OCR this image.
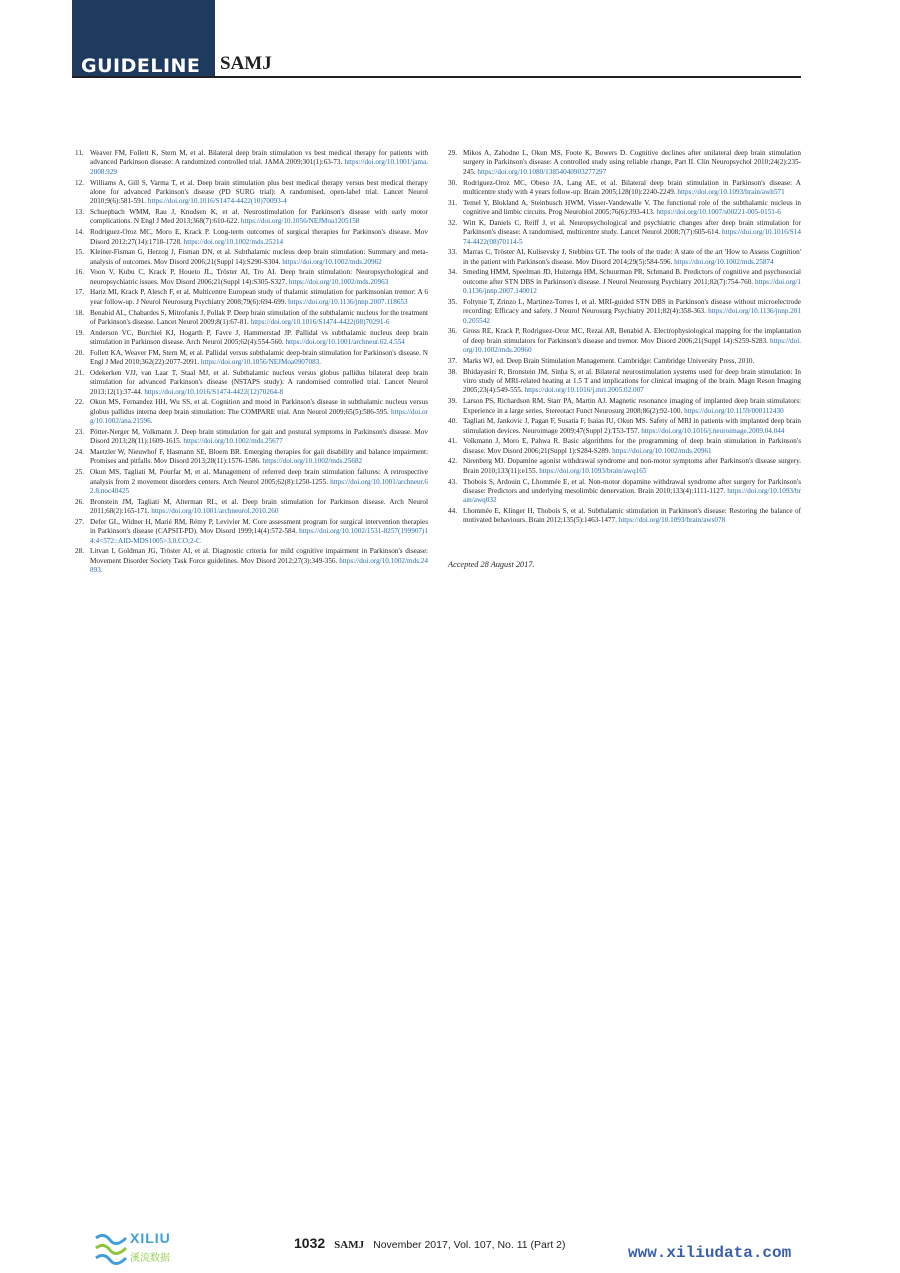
GUIDELINE SAMJ
11. Weaver FM, Follett K, Stern M, et al. Bilateral deep brain stimulation vs best medical therapy for patients with advanced Parkinson disease: A randomized controlled trial. JAMA 2009;301(1):63-73. https://doi.org/10.1001/jama.2008.929
12. Williams A, Gill S, Varma T, et al. Deep brain stimulation plus best medical therapy versus best medical therapy alone for advanced Parkinson's disease (PD SURG trial): A randomised, open-label trial. Lancet Neurol 2010;9(6):581-591. https://doi.org/10.1016/S1474-4422(10)70093-4
13. Schuepbach WMM, Rau J, Knudsen K, et al. Neurostimulation for Parkinson's disease with early motor complications. N Engl J Med 2013;368(7):610-622. https://doi.org/10.1056/NEJMoa1205158
14. Rodriguez-Oroz MC, Moro E, Krack P. Long-term outcomes of surgical therapies for Parkinson's disease. Mov Disord 2012;27(14):1718-1728. https://doi.org/10.1002/mds.25214
15. Kleiner-Fisman G, Herzog J, Fisman DN, et al. Subthalamic nucleus deep brain stimulation: Summary and meta-analysis of outcomes. Mov Disord 2006;21(Suppl 14):S290-S304. https://doi.org/10.1002/mds.20962
16. Voon V, Kubu C, Krack P, Houeto JL, Tröster AI, Tro AI. Deep brain stimulation: Neuropsychological and neuropsychiatric issues. Mov Disord 2006;21(Suppl 14):S305-S327. https://doi.org/10.1002/mds.20963
17. Hariz MI, Krack P, Alesch F, et al. Multicentre European study of thalamic stimulation for parkinsonian tremor: A 6 year follow-up. J Neurol Neurosurg Psychiatry 2008;79(6):694-699. https://doi.org/10.1136/jnnp.2007.118653
18. Benabid AL, Chabardes S, Mitrofanis J, Pollak P. Deep brain stimulation of the subthalamic nucleus for the treatment of Parkinson's disease. Lancet Neurol 2009;8(1):67-81. https://doi.org/10.1016/S1474-4422(08)70291-6
19. Anderson VC, Burchiel KJ, Hogarth P, Favre J, Hammerstad JP. Pallidal vs subthalamic nucleus deep brain stimulation in Parkinson disease. Arch Neurol 2005;62(4):554-560. https://doi.org/10.1001/archneur.62.4.554
20. Follett KA, Weaver FM, Stern M, et al. Pallidal versus subthalamic deep-brain stimulation for Parkinson's disease. N Engl J Med 2010;362(22):2077-2091. https://doi.org/10.1056/NEJMoa0907083.
21. Odekerken VJJ, van Laar T, Staal MJ, et al. Subthalamic nucleus versus globus pallidus bilateral deep brain stimulation for advanced Parkinson's disease (NSTAPS study): A randomised controlled trial. Lancet Neurol 2013;12(1):37-44. https://doi.org/10.1016/S1474-4422(12)70264-8
22. Okun MS, Fernandez HH, Wu SS, et al. Cognition and mood in Parkinson's disease in subthalamic nucleus versus globus pallidus interna deep brain stimulation: The COMPARE trial. Ann Neurol 2009;65(5):586-595. https://doi.org/10.1002/ana.21596.
23. Pötter-Nerger M, Volkmann J. Deep brain stimulation for gait and postural symptoms in Parkinson's disease. Mov Disord 2013;28(11):1609-1615. https://doi.org/10.1002/mds.25677
24. Maetzler W, Nieuwhof F, Hasmann SE, Bloem BR. Emerging therapies for gait disability and balance impairment: Promises and pitfalls. Mov Disord 2013;28(11):1576-1586. https://doi.org/10.1002/mds.25682
25. Okun MS, Tagliati M, Pourfar M, et al. Management of referred deep brain stimulation failures: A retrospective analysis from 2 movement disorders centers. Arch Neurol 2005;62(8):1250-1255. https://doi.org/10.1001/archneur.62.8.noc40425
26. Bronstein JM, Tagliati M, Alterman RL, et al. Deep brain stimulation for Parkinson disease. Arch Neurol 2011;68(2):165-171. https://doi.org/10.1001/archneurol.2010.260
27. Defer GL, Widner H, Marié RM, Rémy P, Levivier M. Core assessment program for surgical intervention therapies in Parkinson's disease (CAPSIT-PD). Mov Disord 1999;14(4):572-584. https://doi.org/10.1002/1531-8257(199907)14:4<572::AID-MDS1005>3.0.CO;2-C
28. Litvan I, Goldman JG, Tröster AI, et al. Diagnostic criteria for mild cognitive impairment in Parkinson's disease: Movement Disorder Society Task Force guidelines. Mov Disord 2012;27(3):349-356. https://doi.org/10.1002/mds.24893.
29. Mikos A, Zahodne L, Okun MS, Foote K, Bowers D. Cognitive declines after unilateral deep brain stimulation surgery in Parkinson's disease: A controlled study using reliable change, Part II. Clin Neuropsychol 2010;24(2):235-245. https://doi.org/10.1080/13854040903277297
30. Rodriguez-Oroz MC, Obeso JA, Lang AE, et al. Bilateral deep brain stimulation in Parkinson's disease: A multicentre study with 4 years follow-up. Brain 2005;128(10):2240-2249. https://doi.org/10.1093/brain/awh571
31. Temel Y, Blokland A, Steinbusch HWM, Visser-Vandewalle V. The functional role of the subthalamic nucleus in cognitive and limbic circuits. Prog Neurobiol 2005;76(6):393-413. https://doi.org/10.1007/s00221-005-0151-6
32. Witt K, Daniels C, Reiff J, et al. Neuropsychological and psychiatric changes after deep brain stimulation for Parkinson's disease: A randomised, multicentre study. Lancet Neurol 2008;7(7):605-614. https://doi.org/10.1016/S1474-4422(08)70114-5
33. Marras C, Tröster AI, Kulisevsky J, Stebbins GT. The tools of the trade: A state of the art 'How to Assess Cognition' in the patient with Parkinson's disease. Mov Disord 2014;29(5):584-596. https://doi.org/10.1002/mds.25874
34. Smeding HMM, Speelman JD, Huizenga HM, Schuurman PR, Schmand B. Predictors of cognitive and psychosocial outcome after STN DBS in Parkinson's disease. J Neurol Neurosurg Psychiatry 2011;82(7):754-760. https://doi.org/10.1136/jnnp.2007.140012
35. Foltynie T, Zrinzo L, Martinez-Torres I, et al. MRI-guided STN DBS in Parkinson's disease without microelectrode recording: Efficacy and safety. J Neurol Neurosurg Psychiatry 2011;82(4):358-363. https://doi.org/10.1136/jnnp.2010.205542
36. Gross RE, Krack P, Rodriguez-Oroz MC, Rezai AR, Benabid A. Electrophysiological mapping for the implantation of deep brain stimulators for Parkinson's disease and tremor. Mov Disord 2006;21(Suppl 14):S259-S283. https://doi.org/10.1002/mds.20960
37. Marks WJ, ed. Deep Brain Stimulation Management. Cambridge: Cambridge University Press, 2010.
38. Bhidayasiri R, Bronstein JM, Sinha S, et al. Bilateral neurostimulation systems used for deep brain stimulation: In vitro study of MRI-related heating at 1.5 T and implications for clinical imaging of the brain. Magn Reson Imaging 2005;23(4):549-555. https://doi.org/10.1016/j.mri.2005.02.007
39. Larson PS, Richardson RM, Starr PA, Martin AJ. Magnetic resonance imaging of implanted deep brain stimulators: Experience in a large series. Stereotact Funct Neurosurg 2008;86(2):92-100. https://doi.org/10.1159/000112430
40. Tagliati M, Jankovic J, Pagan F, Susatia F, Isaias IU, Okun MS. Safety of MRI in patients with implanted deep brain stimulation devices. Neuroimage 2009;47(Suppl 2):T53-T57. https://doi.org/10.1016/j.neuroimage.2009.04.044
41. Volkmann J, Moro E, Pahwa R. Basic algorithms for the programming of deep brain stimulation in Parkinson's disease. Mov Disord 2006;21(Suppl 1):S284-S289. https://doi.org/10.1002/mds.20961
42. Nirenberg MJ. Dopamine agonist withdrawal syndrome and non-motor symptoms after Parkinson's disease surgery. Brain 2010;133(11):e155. https://doi.org/10.1093/brain/awq165
43. Thobois S, Ardouin C, Lhommée E, et al. Non-motor dopamine withdrawal syndrome after surgery for Parkinson's disease: Predictors and underlying mesolimbic denervation. Brain 2010;133(4):1111-1127. https://doi.org/10.1093/brain/awq032
44. Lhommée E, Klinger H, Thobois S, et al. Subthalamic stimulation in Parkinson's disease: Restoring the balance of motivated behaviours. Brain 2012;135(5):1463-1477. https://doi.org/10.1093/brain/aws078
Accepted 28 August 2017.
1032 SAMJ November 2017, Vol. 107, No. 11 (Part 2)
XILIU
溪流数据	www.xiliudata.com
